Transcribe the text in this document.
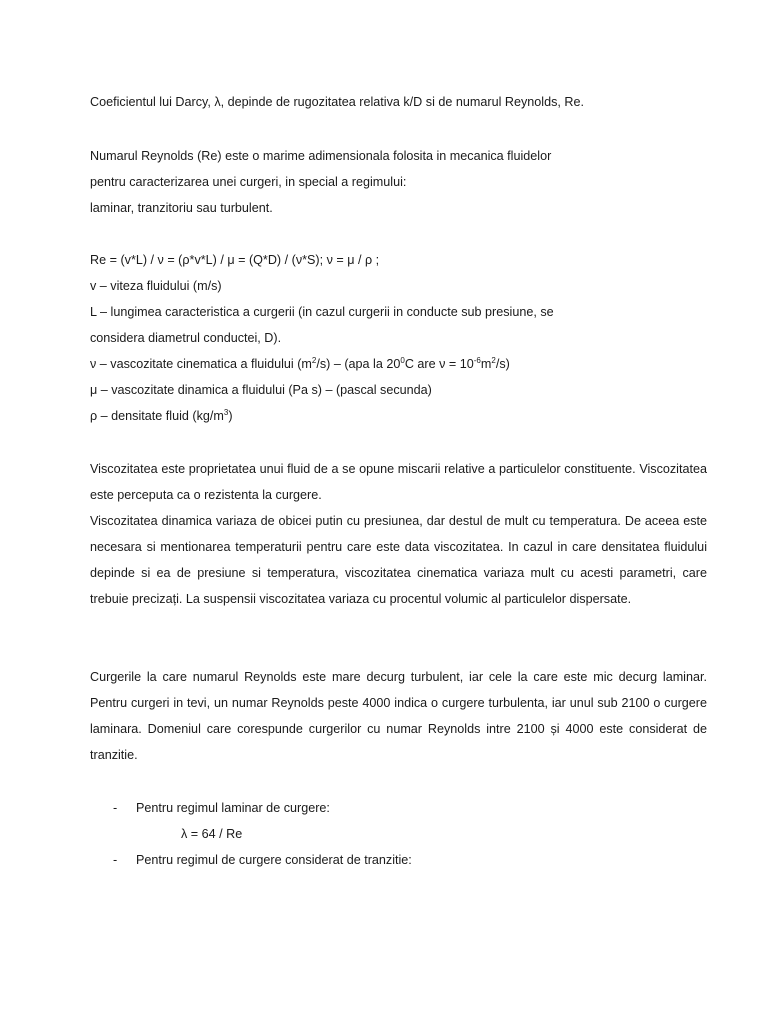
Coeficientul lui Darcy, λ, depinde de rugozitatea relativa k/D si de numarul Reynolds, Re.
Numarul Reynolds (Re) este o marime adimensionala folosita in mecanica fluidelor
pentru caracterizarea unei curgeri, in special a regimului:
laminar, tranzitoriu sau turbulent.
Re = (v*L) / ν = (ρ*v*L) / μ = (Q*D) / (ν*S); ν = μ / ρ ;
v – viteza fluidului (m/s)
L – lungimea caracteristica a curgerii (in cazul curgerii in conducte sub presiune, se
considera diametrul conductei, D).
ν – vascozitate cinematica a fluidului $(m^2/s) - (apa$ la $20^0C$ are $\nu = 10^{-6}m^2/s$)
μ – vascozitate dinamica a fluidului (Pa s) – (pascal secunda)
ρ – densitate fluid $(kg/m^3)$
Viscozitatea este proprietatea unui fluid de a se opune miscarii relative a particulelor constituente. Viscozitatea este perceputa ca o rezistenta la curgere.
Viscozitatea dinamica variaza de obicei putin cu presiunea, dar destul de mult cu temperatura. De aceea este necesara si mentionarea temperaturii pentru care este data viscozitatea. In cazul in care densitatea fluidului depinde si ea de presiune si temperatura, viscozitatea cinematica variaza mult cu acesti parametri, care trebuie precizați. La suspensii viscozitatea variaza cu procentul volumic al particulelor dispersate.
Curgerile la care numarul Reynolds este mare decurg turbulent, iar cele la care este mic decurg laminar. Pentru curgeri in tevi, un numar Reynolds peste 4000 indica o curgere turbulenta, iar unul sub 2100 o curgere laminara. Domeniul care corespunde curgerilor cu numar Reynolds intre 2100 și 4000 este considerat de tranzitie.
- Pentru regimul laminar de curgere:
λ = 64 / Re
- Pentru regimul de curgere considerat de tranzitie:
